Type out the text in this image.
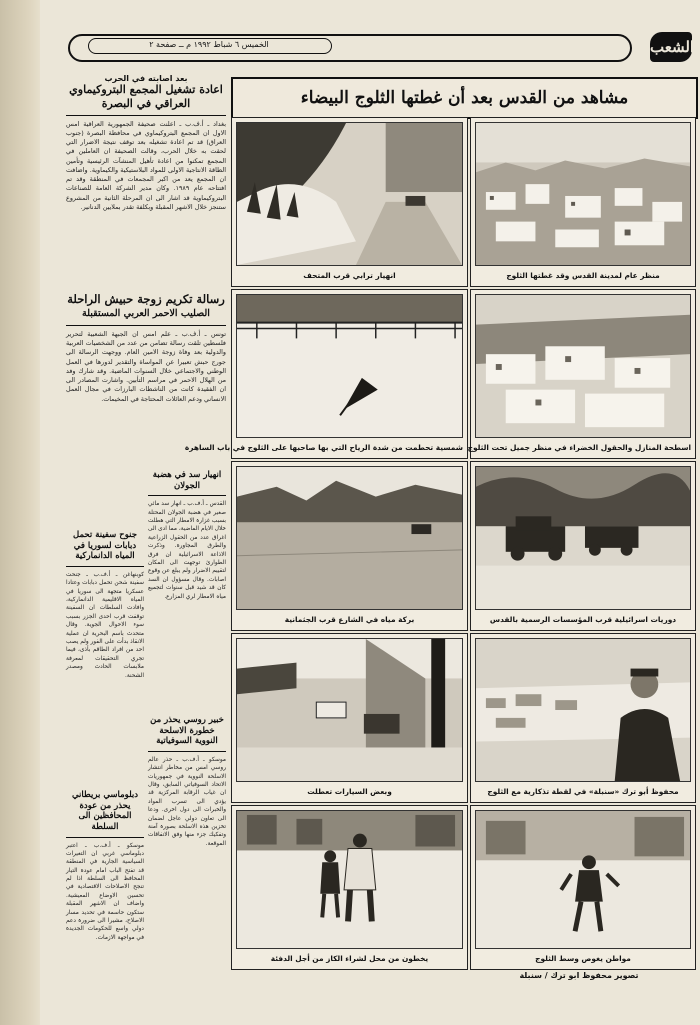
الخميس ٦ شباط ١٩٩٢ م ــ صفحة ٢	الشعب

بعد اصابته في الحرب

اعادة تشغيل المجمع البتروكيماوي العراقي في البصرة

بغداد ـ أ.ف.ب ـ اعلنت صحيفة الجمهورية العراقية امس الاول ان المجمع البتروكيماوي في محافظة البصرة (جنوب العراق) قد تم اعادة تشغيله بعد توقف نتيجة الاضرار التي لحقت به خلال الحرب، وقالت الصحيفة ان العاملين في المجمع تمكنوا من اعادة تأهيل المنشآت الرئيسية وتأمين الطاقة الانتاجية الاولى للمواد البلاستيكية والكيماوية. واضافت ان المجمع يعد من اكبر المجمعات في المنطقة وقد تم افتتاحه عام ١٩٨٩. وكان مدير الشركة العامة للصناعات البتروكيماوية قد اشار الى ان المرحلة الثانية من المشروع ستنجز خلال الاشهر المقبلة وبكلفة تقدر بملايين الدنانير.

رسالة تكريم زوجة حبيش الراحلة

الصليب الاحمر العربي المستقبلة

تونس ـ أ.ف.ب ـ علم امس ان الجبهة الشعبية لتحرير فلسطين تلقت رسالة تضامن من عدد من الشخصيات العربية والدولية بعد وفاة زوجة الامين العام. ووجهت الرسالة الى جورج حبش تعبيرا عن المواساة والتقدير لدورها في العمل الوطني والاجتماعي خلال السنوات الماضية. وقد شارك وفد من الهلال الاحمر في مراسم التأبين. واشارت المصادر الى ان الفقيدة كانت من الناشطات البارزات في مجال العمل الانساني ودعم العائلات المحتاجة في المخيمات.

انهيار سد في هضبة الجولان

القدس ـ أ.ف.ب ـ انهار سد مائي صغير في هضبة الجولان المحتلة بسبب غزارة الامطار التي هطلت خلال الايام الماضية، مما ادى الى اغراق عدد من الحقول الزراعية والطرق المجاورة. وذكرت الاذاعة الاسرائيلية ان فرق الطوارئ توجهت الى المكان لتقييم الاضرار ولم يبلغ عن وقوع اصابات. وقال مسؤول ان السد كان قد شيد قبل سنوات لتجميع مياه الامطار لري المزارع.

جنوح سفينة تحمل دبابات لسوريا في المياه الدانماركية

كوبنهاغن ـ أ.ف.ب ـ جنحت سفينة شحن تحمل دبابات وعتادا عسكريا متجهة الى سوريا في المياه الاقليمية الدانماركية، وافادت السلطات ان السفينة توقفت قرب احدى الجزر بسبب سوء الاحوال الجوية. وقال متحدث باسم البحرية ان عملية الانقاذ بدأت على الفور ولم يصب احد من افراد الطاقم بأذى، فيما تجري التحقيقات لمعرفة ملابسات الحادث ومصدر الشحنة.

خبير روسي يحذر من خطورة الاسلحة النووية السوفياتية

موسكو ـ أ.ف.ب ـ حذر عالم روسي امس من مخاطر انتشار الاسلحة النووية في جمهوريات الاتحاد السوفياتي السابق، وقال ان غياب الرقابة المركزية قد يؤدي الى تسرب المواد والخبرات الى دول اخرى. ودعا الى تعاون دولي عاجل لضمان تخزين هذه الاسلحة بصورة آمنة وتفكيك جزء منها وفق الاتفاقات الموقعة.

دبلوماسي بريطاني يحذر من عودة المحافظين الى السلطة

موسكو ـ أ.ف.ب ـ اعتبر دبلوماسي غربي ان التغيرات السياسية الجارية في المنطقة قد تفتح الباب امام عودة التيار المحافظ الى السلطة اذا لم تنجح الاصلاحات الاقتصادية في تحسين الاوضاع المعيشية. واضاف ان الاشهر المقبلة ستكون حاسمة في تحديد مسار الاصلاح، مشيرا الى ضرورة دعم دولي واسع للحكومات الجديدة في مواجهة الازمات.

مشاهد من القدس بعد أن غطتها الثلوج البيضاء
منظر عام لمدينة القدس وقد غطتها الثلوج
اسطحة المنازل والحقول الخضراء في منظر جميل تحت الثلوج
دوريات اسرائيلية قرب المؤسسات الرسمية بالقدس
محفوظ أبو ترك «سنبلة» في لقطة تذكارية مع الثلوج
مواطن يغوص وسط الثلوج
انهيار ترابي قرب المتحف
شمسية تحطمت من شدة الرياح التي بها صاحبها على الثلوج في باب الساهرة
بركة مياه في الشارع قرب الجثمانية
وبعض السيارات تعطلت
يخطون من محل لشراء الكاز من أجل الدفئة
تصوير محفوظ ابو ترك / سنبلة
